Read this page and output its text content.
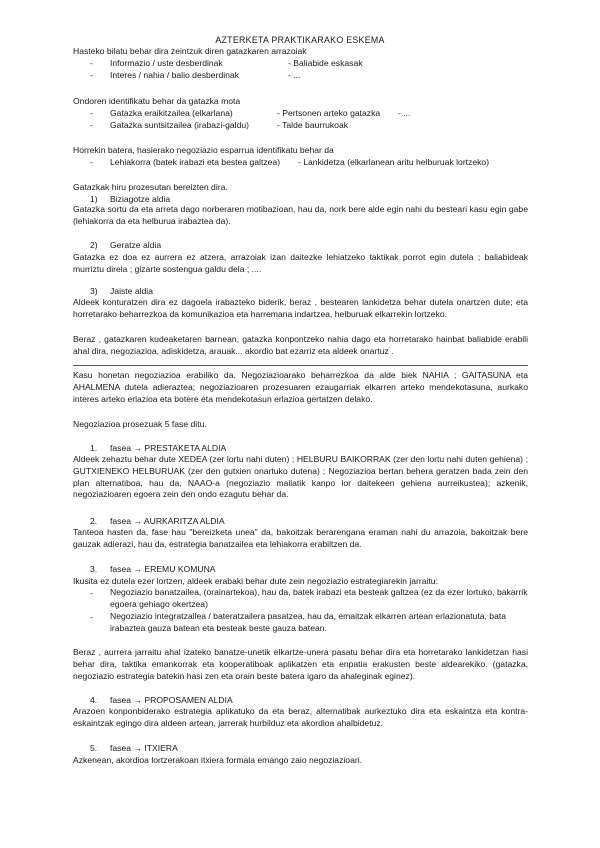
AZTERKETA PRAKTIKARAKO ESKEMA
Hasteko bilatu behar dira zeintzuk diren gatazkaren arrazoiak
- Informazio / uste desberdinak	- Baliabide eskasak
- Interes / nahia / balio desberdinak	- ...
Ondoren identifikatu behar da gatazka mota
- Gatazka eraikitzailea (elkarlana)	- Pertsonen arteko gatazka - ...
- Gatazka suntsitzailea (irabazi-galdu)	- Talde baurrukoak
Horrekin batera, hasierako negoziazio esparrua identifikatu behar da
- Lehiakorra (batek irabazi eta bestea galtzea) - Lankidetza (elkarlanean aritu helburuak lortzeko)
Gatazkak hiru prozesutan bereizten dira.
1) Biziagotze aldia
Gatazka sortu da eta arreta dago norberaren motibazioan, hau da, nork bere alde egin nahi du besteari kasu egin gabe (lehiakorra da eta helburua irabaztea da).
2) Geratze aldia
Gatazka ez doa ez aurrera ez atzera, arrazoiak izan daitezke lehiatzeko taktikak porrot egin dutela ; baliabideak murriztu direla ; gizarte sostengua galdu dela ; ....
3) Jaiste aldia
Aldeek konturatzen dira ez dagoela irabazteko biderik, beraz , bestearen lankidetza behar dutela onartzen dute; eta horretarako beharrezkoa da komunikazioa eta harremana indartzea, helburuak elkarrekin lortzeko.
Beraz , gatazkaren kudeaketaren barnean, gatazka konpontzeko nahia dago eta horretarako hainbat baliabide erabili ahal dira, negoziazioa, adiskidetza, arauak... akordio bat ezarriz eta aldeek onartuz .
Kasu honetan negoziazioa erabiliko da. Negoziazioarako beharrezkoa da alde biek NAHIA ; GAITASUNA eta AHALMENA dutela adieraztea; negoziazioaren prozesuaren ezaugarriak elkarren arteko mendekotasuna, aurkako interes arteko erlazioa eta botere eta mendekotasun erlazioa gertatzen delako.
Negoziazioa prosezuak 5 fase ditu.
1. fasea → PRESTAKETA ALDIA
Aldeek zehaztu behar dute XEDEA (zer lortu nahi duten) ; HELBURU BAIKORRAK (zer den lortu nahi duten gehiena) ; GUTXIENEKO HELBURUAK (zer den gutxien onartuko dutena) ; Negoziazioa bertan behera geratzen bada zein den plan alternatiboa, hau da, NAAO-a (negoziazio mailatik kanpo lor daitekeen gehiena aurreikustea); azkenik, negoziazioaren egoera zein den ondo ezagutu behar da.
2. fasea → AURKARITZA ALDIA
Tanteoa hasten da, fase hau "bereizketa unea" da, bakoitzak berarengana eraman nahi du arrazoia, bakoitzak bere gauzak adierazi, hau da, estrategia banatzailea eta lehiakorra erabiltzen da.
3. fasea → EREMU KOMUNA
Ikusita ez dutela ezer lortzen, aldeek erabaki behar dute zein negoziazio estrategiarekin jarraitu:
- Negoziazio banatzailea, (orainartekoa), hau da, batek irabazi eta besteak galtzea (ez da ezer lortuko, bakarrik egoera gehiago okertzea)
- Negoziazio integratzailea / bateratzailera pasatzea, hau da, emaitzak elkarren artean erlazionatuta, bata irabaztea gauza batean eta besteak beste gauza batean.
Beraz , aurrera jarraitu ahal izateko banatze-unetik elkartze-unera pasatu behar dira eta horretarako lankidetzan hasi behar dira, taktika emankorrak eta kooperatiboak aplikatzen eta enpatia erakusten beste aldearekiko. (gatazka, negoziazio estrategia batekin hasi zen eta orain beste batera igaro da ahaleginak eginez).
4. fasea → PROPOSAMEN ALDIA
Arazoen konponbiderako estrategia aplikatuko da eta beraz, alternatibak aurkeztuko dira eta eskaintza eta kontra-eskaintzak egingo dira aldeen artean, jarrerak hurbilduz eta akordioa ahalbidetuz.
5. fasea → ITXIERA
Azkenean, akordioa lortzerakoan itxiera formala emango zaio negoziazioari.
